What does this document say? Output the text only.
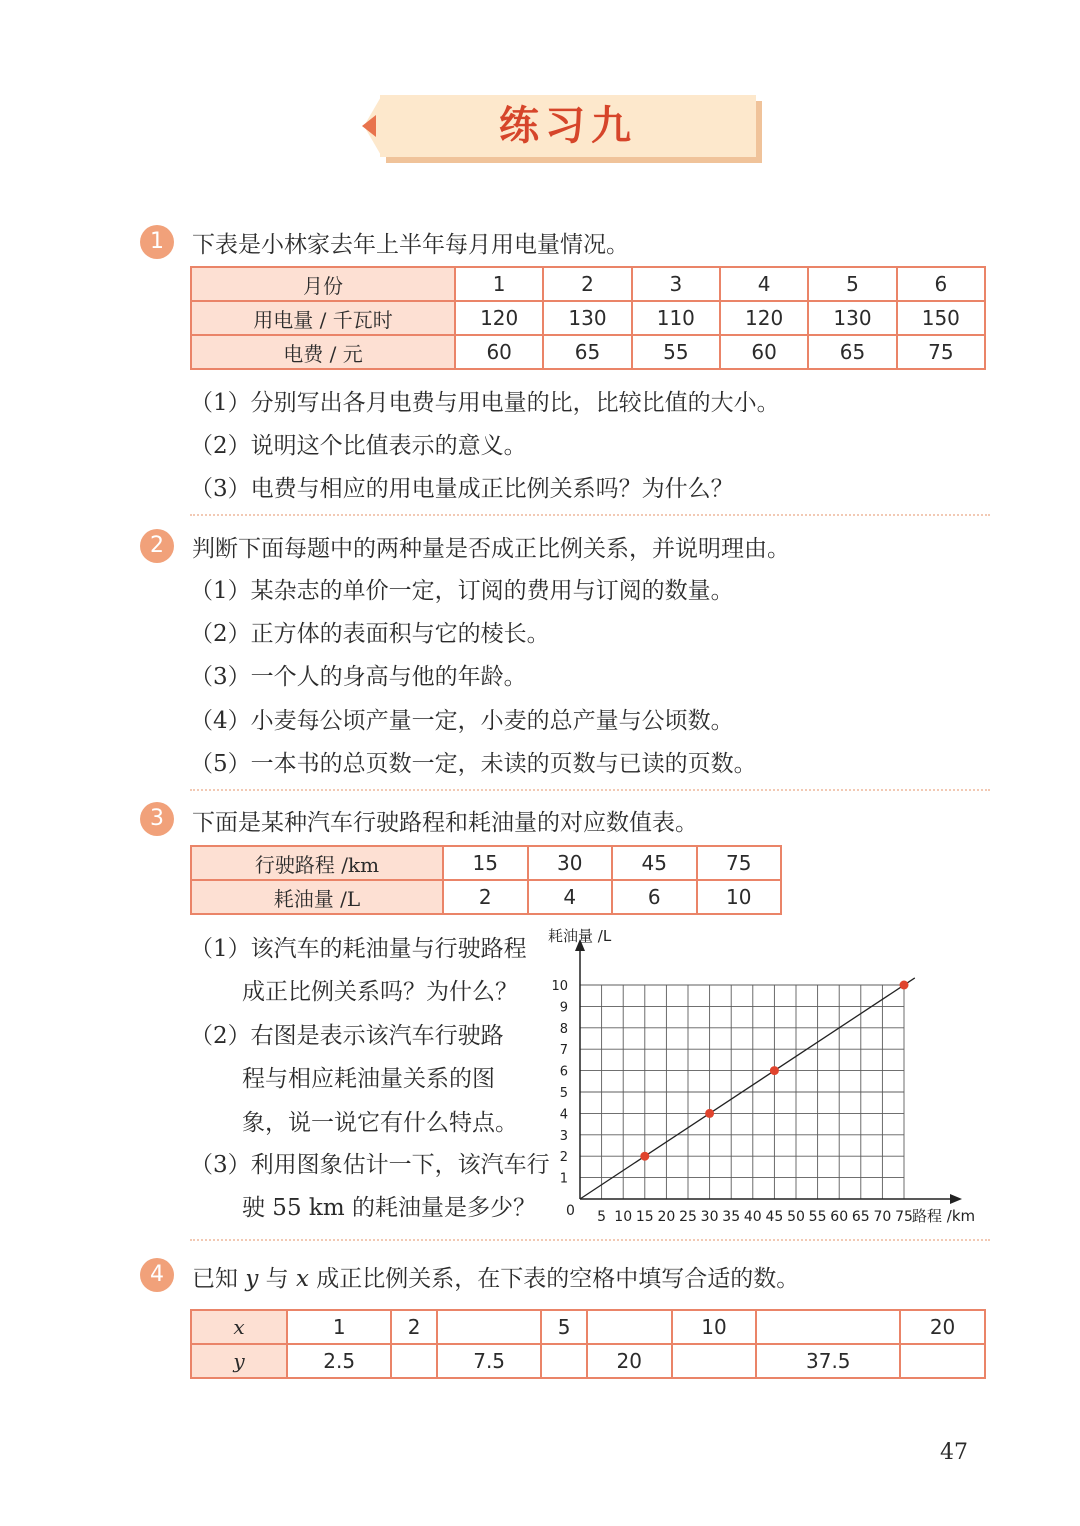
练习九
1	下表是小林家去年上半年每月用电量情况。
月份	1	2	3	4	5	6
用电量 / 千瓦时	120	130	110	120	130	150
电费 / 元	60	65	55	60	65	75
（1）分别写出各月电费与用电量的比，比较比值的大小。
（2）说明这个比值表示的意义。
（3）电费与相应的用电量成正比例关系吗？为什么？
2	判断下面每题中的两种量是否成正比例关系，并说明理由。
（1）某杂志的单价一定，订阅的费用与订阅的数量。
（2）正方体的表面积与它的棱长。
（3）一个人的身高与他的年龄。
（4）小麦每公顷产量一定，小麦的总产量与公顷数。
（5）一本书的总页数一定，未读的页数与已读的页数。
3	下面是某种汽车行驶路程和耗油量的对应数值表。
行驶路程 /km	15	30	45	75
耗油量 /L	2	4	6	10
（1）该汽车的耗油量与行驶路程
成正比例关系吗？为什么？
（2）右图是表示该汽车行驶路
程与相应耗油量关系的图
象，说一说它有什么特点。
（3）利用图象估计一下，该汽车行
驶 55 km 的耗油量是多少？	5 10 15 20 25 30 35 40 45 50 55 60 65 70 75
1
2
3
4
5
6
7
8
9
10
耗油量 /L
路程 /km
0
4	已知 y 与 x 成正比例关系，在下表的空格中填写合适的数。
x	1	2		5		10		20
y	2.5		7.5		20		37.5	
47
